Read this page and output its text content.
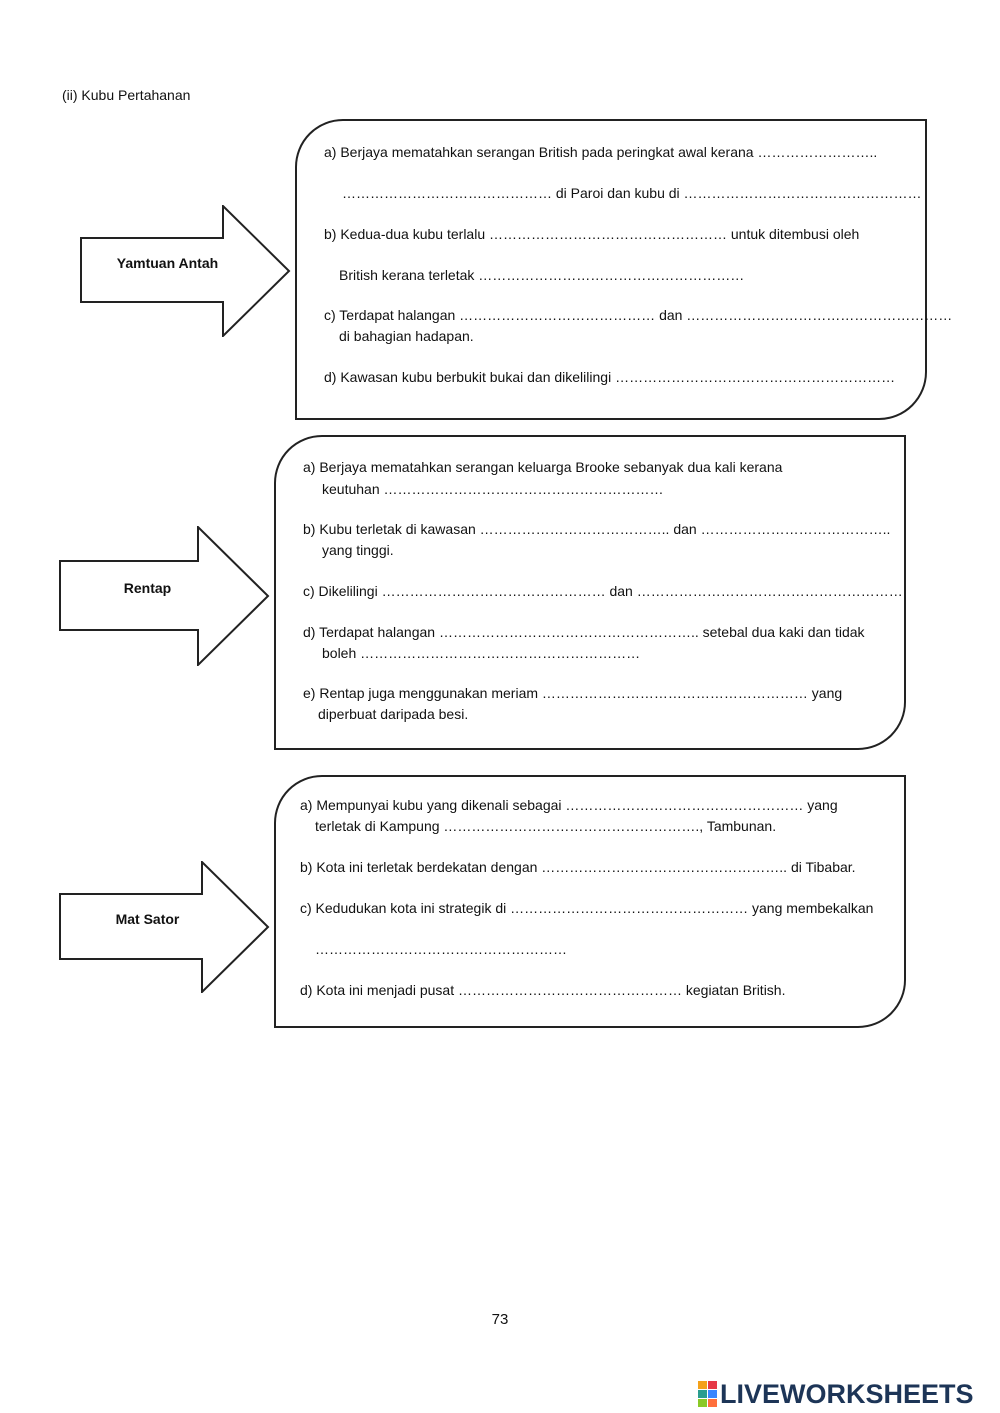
(ii) Kubu Pertahanan
Yamtuan Antah
a) Berjaya mematahkan serangan British pada peringkat awal kerana ……………………..
……………………………………… di Paroi dan kubu di ……………………………………………
b) Kedua-dua kubu terlalu …………………………………………… untuk ditembusi oleh
British kerana terletak …………………………………………………
c) Terdapat halangan …………………………………… dan …………………………………………………
di bahagian hadapan.
d) Kawasan kubu berbukit bukai dan dikelilingi ……………………………………………………
Rentap
a) Berjaya mematahkan serangan keluarga Brooke sebanyak dua kali kerana
keutuhan ……………………………………………………
b) Kubu terletak di kawasan ………………………………….. dan …………………………………..
yang tinggi.
c) Dikelilingi ………………………………………… dan …………………………………………………
d) Terdapat halangan ……………………………………………….. setebal dua kaki dan tidak
boleh ……………………………………………………
e) Rentap juga menggunakan meriam ………………………………………………… yang
diperbuat daripada besi.
Mat Sator
a) Mempunyai kubu yang dikenali sebagai …………………………………………… yang
terletak di Kampung ………………………………………………., Tambunan.
b) Kota ini terletak berdekatan dengan …………………………………………….. di Tibabar.
c) Kedudukan kota ini strategik di …………………………………………… yang membekalkan
………………………………………………
d) Kota ini menjadi pusat ………………………………………… kegiatan British.
73
LIVEWORKSHEETS
